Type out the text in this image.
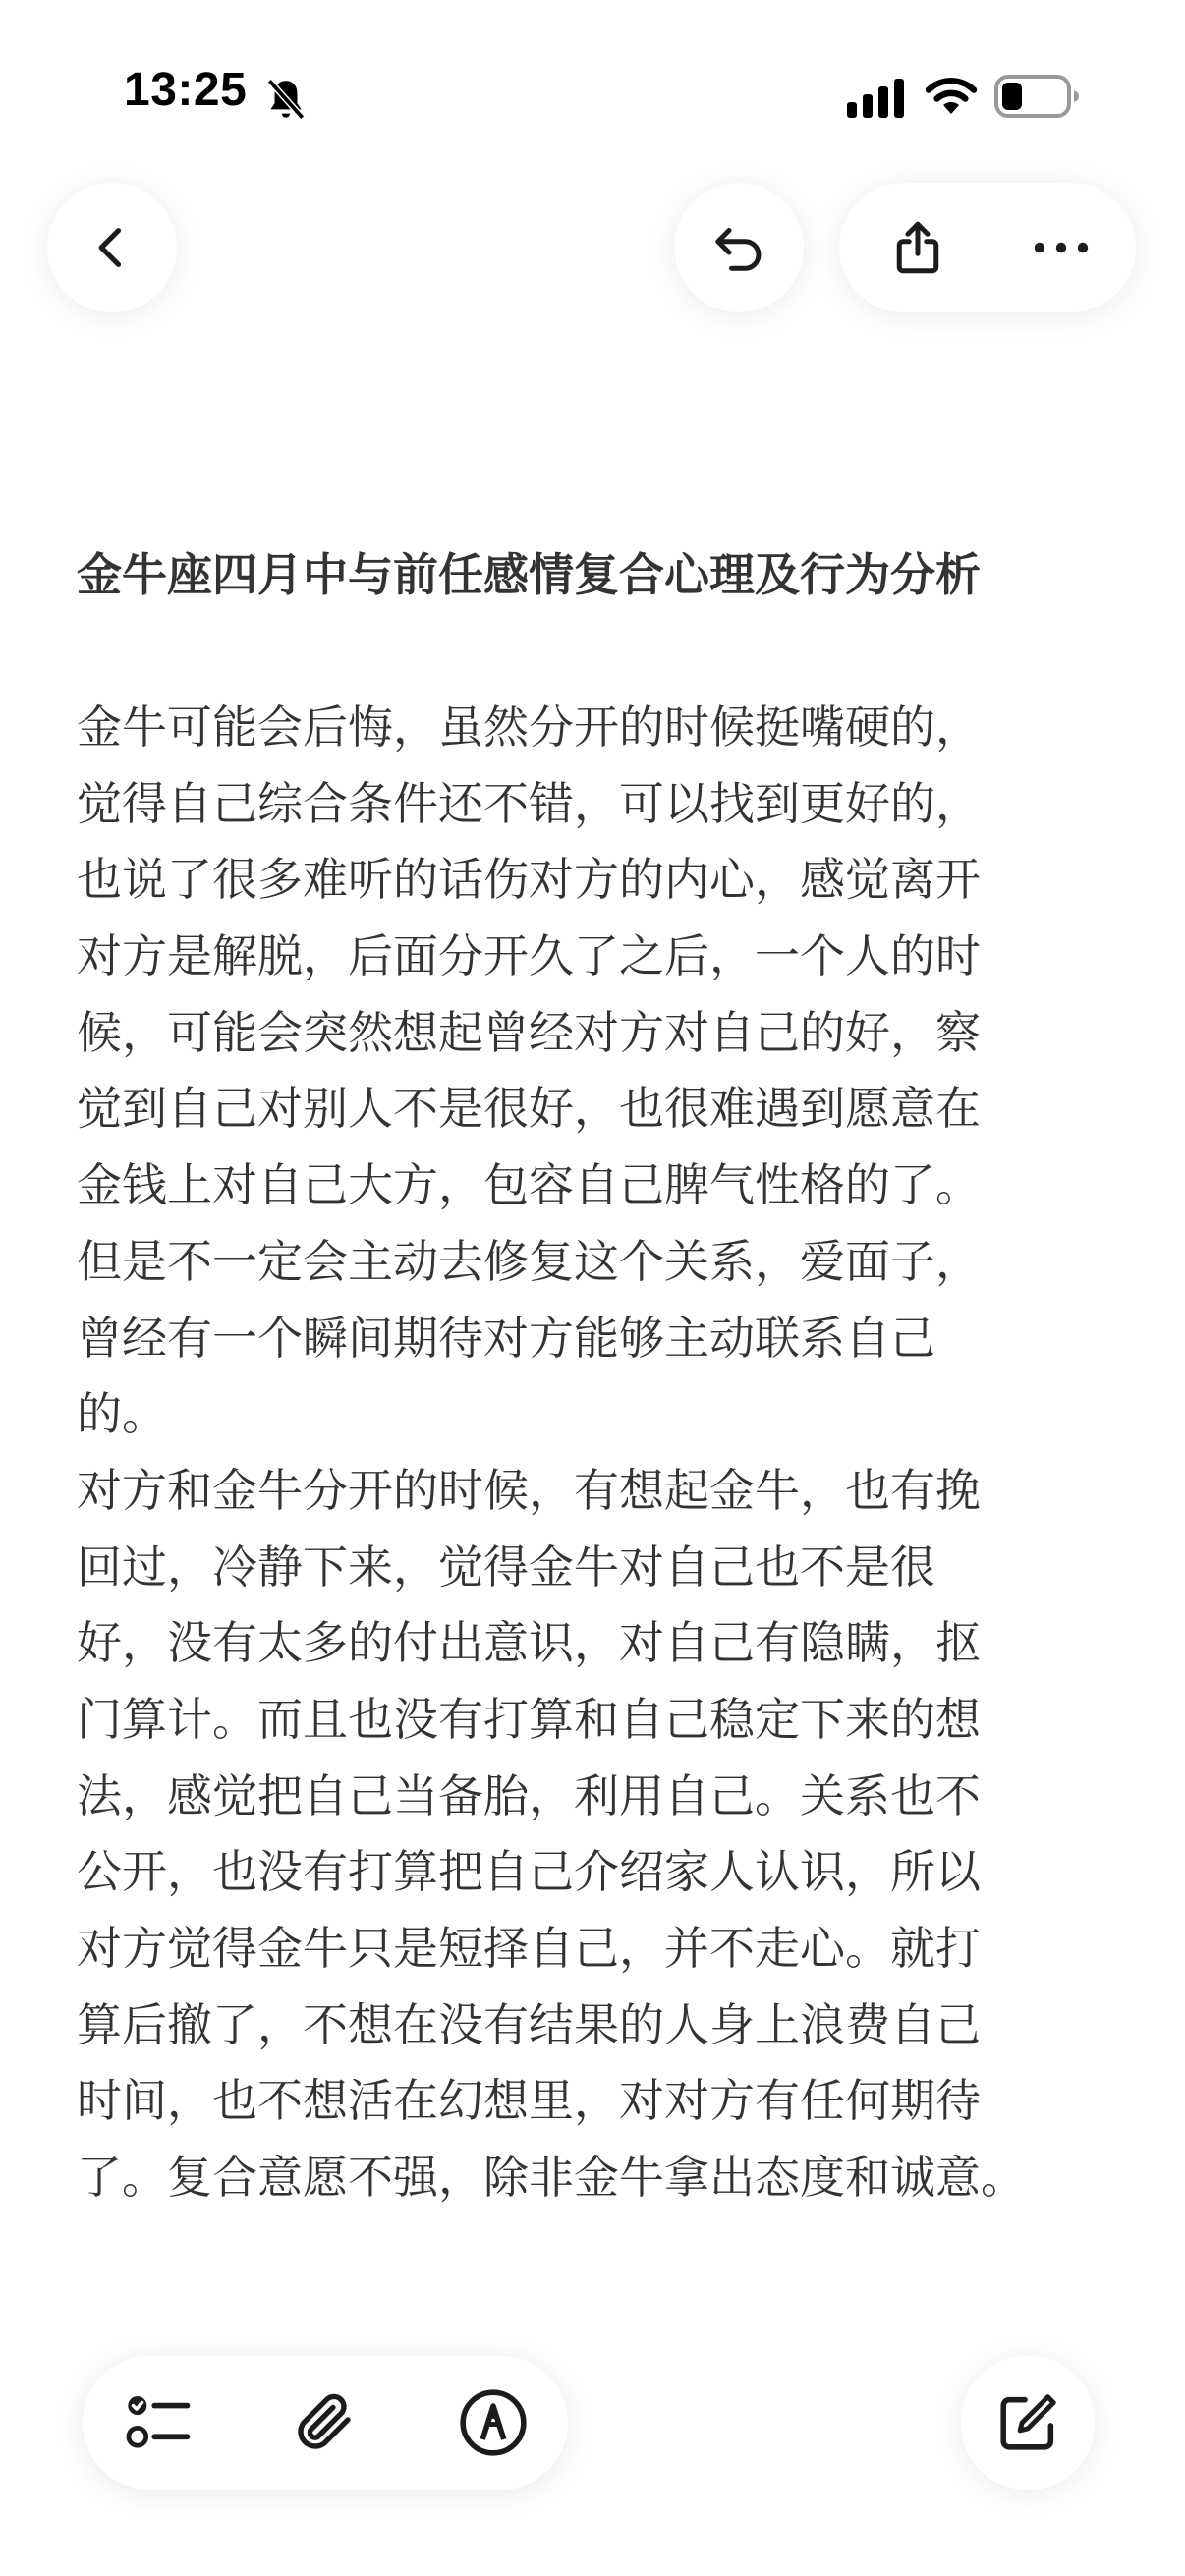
13:25
金牛座四月中与前任感情复合心理及行为分析
金牛可能会后悔，虽然分开的时候挺嘴硬的，
觉得自己综合条件还不错，可以找到更好的，
也说了很多难听的话伤对方的内心，感觉离开
对方是解脱，后面分开久了之后，一个人的时
候，可能会突然想起曾经对方对自己的好，察
觉到自己对别人不是很好，也很难遇到愿意在
金钱上对自己大方，包容自己脾气性格的了。
但是不一定会主动去修复这个关系，爱面子，
曾经有一个瞬间期待对方能够主动联系自己
的。
对方和金牛分开的时候，有想起金牛，也有挽
回过，冷静下来，觉得金牛对自己也不是很
好，没有太多的付出意识，对自己有隐瞒，抠
门算计。而且也没有打算和自己稳定下来的想
法，感觉把自己当备胎，利用自己。关系也不
公开，也没有打算把自己介绍家人认识，所以
对方觉得金牛只是短择自己，并不走心。就打
算后撤了，不想在没有结果的人身上浪费自己
时间，也不想活在幻想里，对对方有任何期待
了。复合意愿不强，除非金牛拿出态度和诚意。
